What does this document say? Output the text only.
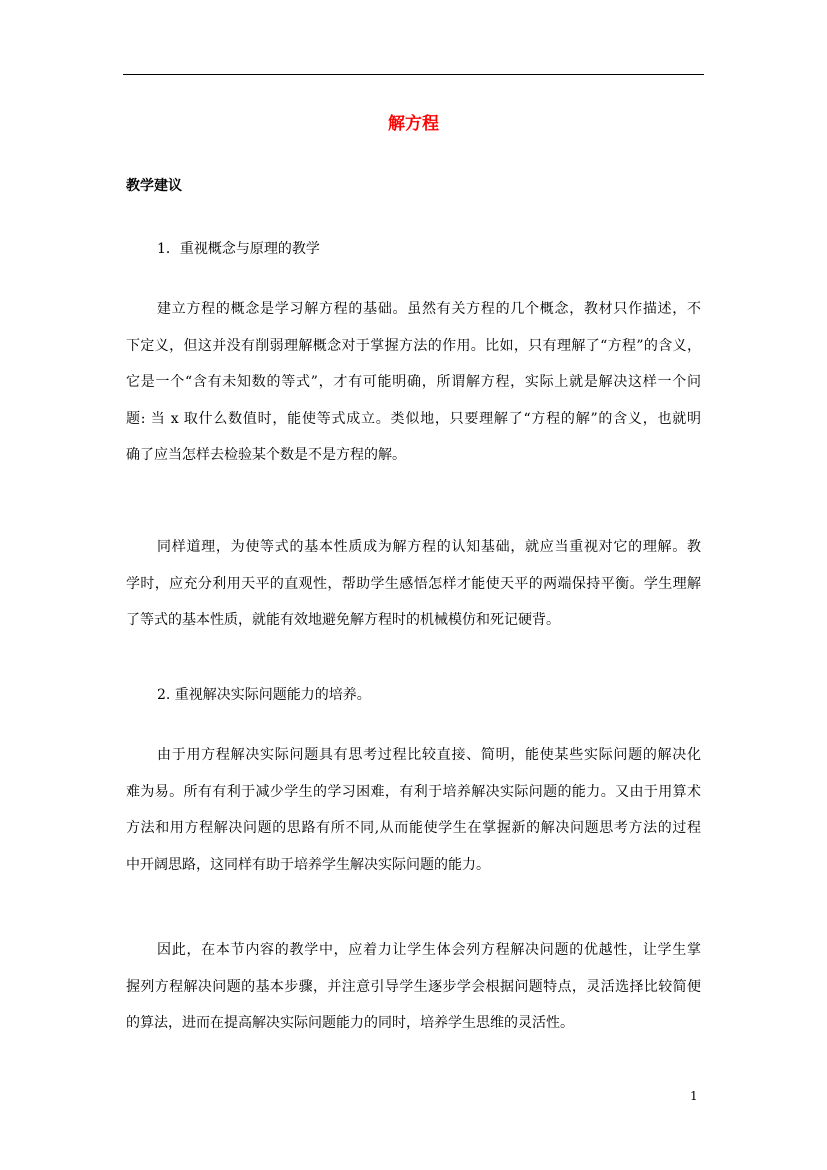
解方程
教学建议
1．重视概念与原理的教学
建立方程的概念是学习解方程的基础。虽然有关方程的几个概念，教材只作描述，不
下定义，但这并没有削弱理解概念对于掌握方法的作用。比如，只有理解了“方程”的含义，
它是一个“含有未知数的等式”，才有可能明确，所谓解方程，实际上就是解决这样一个问
题: 当 x 取什么数值时，能使等式成立。类似地，只要理解了“方程的解”的含义，也就明
确了应当怎样去检验某个数是不是方程的解。
同样道理，为使等式的基本性质成为解方程的认知基础，就应当重视对它的理解。教
学时，应充分利用天平的直观性，帮助学生感悟怎样才能使天平的两端保持平衡。学生理解
了等式的基本性质，就能有效地避免解方程时的机械模仿和死记硬背。
2. 重视解决实际问题能力的培养。
由于用方程解决实际问题具有思考过程比较直接、简明，能使某些实际问题的解决化
难为易。所有有利于减少学生的学习困难，有利于培养解决实际问题的能力。又由于用算术
方法和用方程解决问题的思路有所不同,从而能使学生在掌握新的解决问题思考方法的过程
中开阔思路，这同样有助于培养学生解决实际问题的能力。
因此，在本节内容的教学中，应着力让学生体会列方程解决问题的优越性，让学生掌
握列方程解决问题的基本步骤，并注意引导学生逐步学会根据问题特点，灵活选择比较简便
的算法，进而在提高解决实际问题能力的同时，培养学生思维的灵活性。
1
